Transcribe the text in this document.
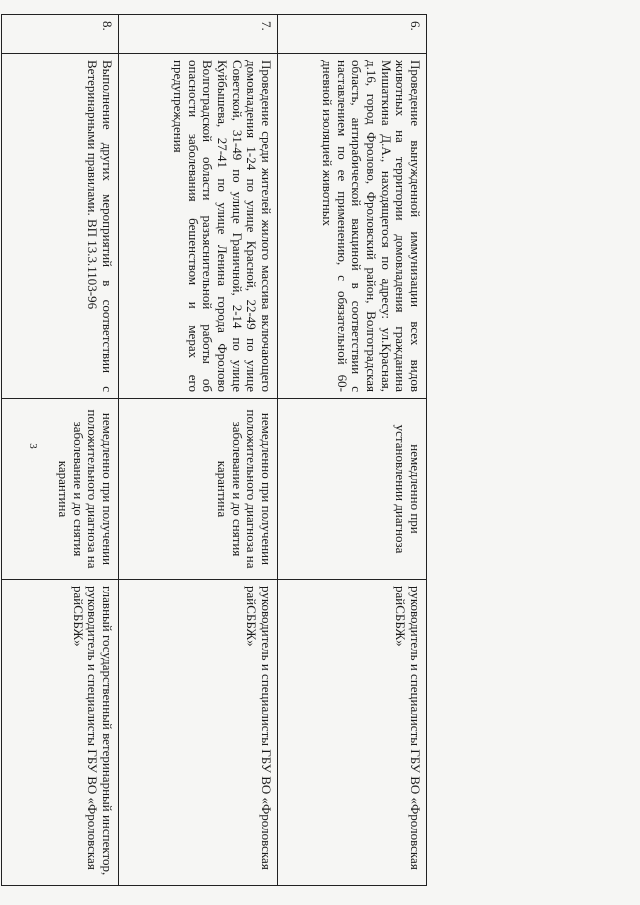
3
6.	Проведение вынужденной иммунизации всех видов животных на территории домовладения гражданина Мишаткина Д.А., находящегося по адресу: ул.Красная, д.16, город Фролово, Фроловский район, Волгоградская область, антирабической вакциной в соответствии с наставлением по ее применению, с обязательной 60-дневной изоляцией животных	немедленно при установлении диагноза	руководитель и специалисты ГБУ ВО «Фроловская райСББЖ»
7.	Проведение среди жителей жилого массива включающего домовладения 1-24 по улице Красной, 22-49 по улице Советской, 31-49 по улице Граничной, 2-14 по улице Куйбышева, 27-41 по улице Ленина города Фролово Волгоградской области разъяснительной работы об опасности заболевания бешенством и мерах его предупреждения	немедленно при получении положительного диагноза на заболевание и до снятия карантина	руководитель и специалисты ГБУ ВО «Фроловская райСББЖ»
8.	Выполнение других мероприятий в соответствии с Ветеринарными правилами. ВП 13.3.1103-96	немедленно при получении положительного диагноза на заболевание и до снятия карантина	главный государственный ветеринарный инспектор, руководитель и специалисты ГБУ ВО «Фроловская райСББЖ»
